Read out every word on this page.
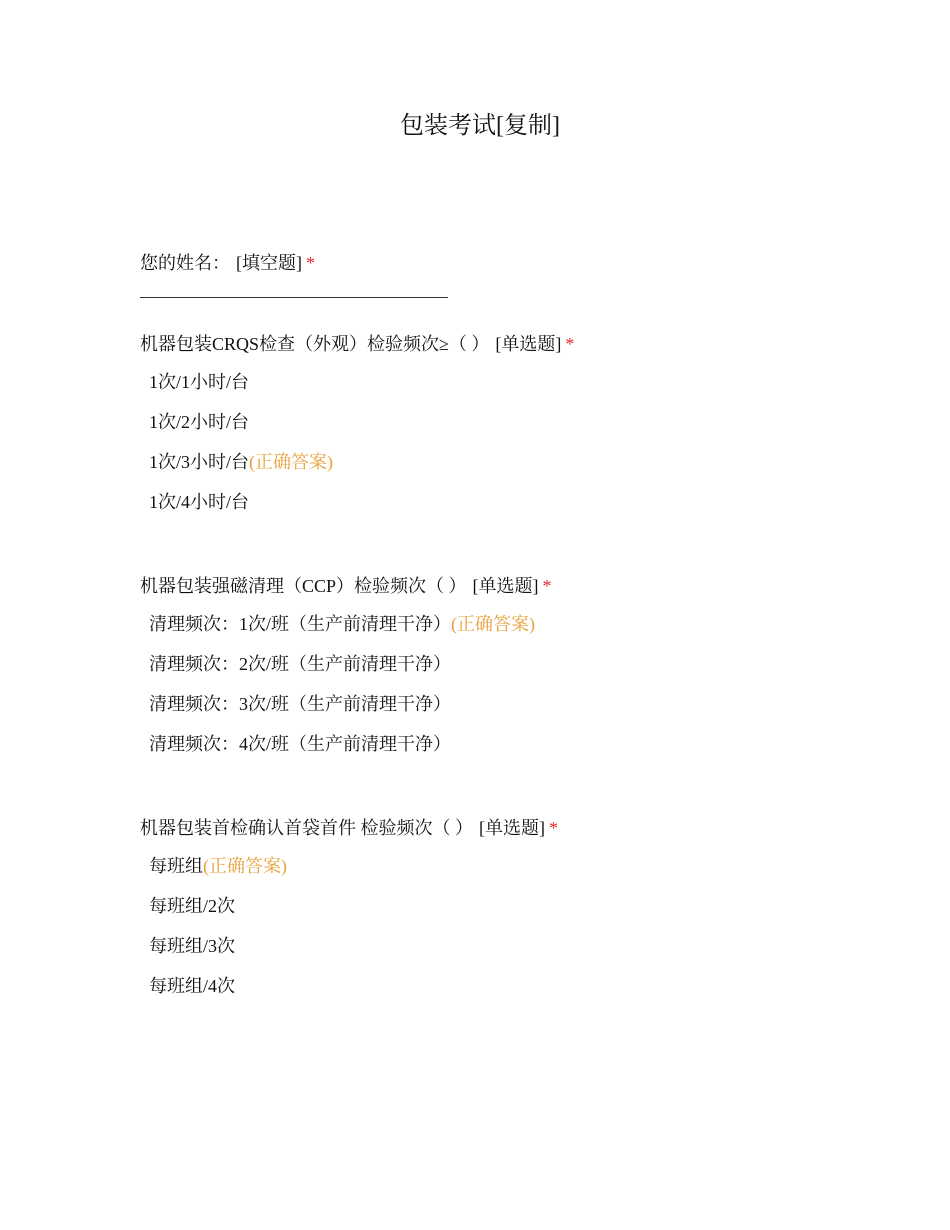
包装考试[复制]
您的姓名： [填空题] *
机器包装CRQS检查（外观）检验频次≥（ ） [单选题] *
1次/1小时/台
1次/2小时/台
1次/3小时/台(正确答案)
1次/4小时/台
机器包装强磁清理（CCP）检验频次（ ） [单选题] *
清理频次：1次/班（生产前清理干净）(正确答案)
清理频次：2次/班（生产前清理干净）
清理频次：3次/班（生产前清理干净）
清理频次：4次/班（生产前清理干净）
机器包装首检确认首袋首件 检验频次（ ） [单选题] *
每班组(正确答案)
每班组/2次
每班组/3次
每班组/4次
